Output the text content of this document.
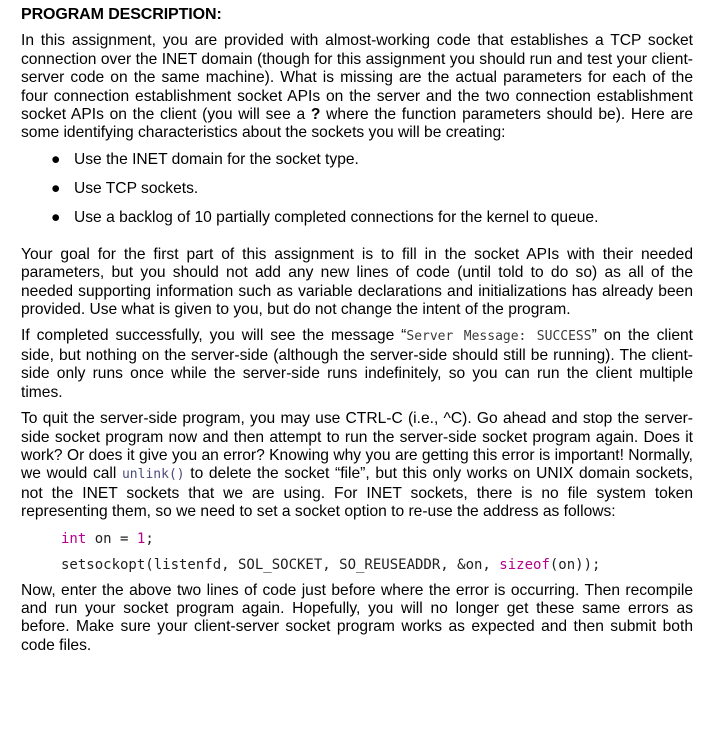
PROGRAM DESCRIPTION:

In this assignment, you are provided with almost-working code that establishes a TCP socket connection over the INET domain (though for this assignment you should run and test your client-server code on the same machine). What is missing are the actual parameters for each of the four connection establishment socket APIs on the server and the two connection establishment socket APIs on the client (you will see a ? where the function parameters should be). Here are some identifying characteristics about the sockets you will be creating:

● Use the INET domain for the socket type.
● Use TCP sockets.
● Use a backlog of 10 partially completed connections for the kernel to queue.

Your goal for the first part of this assignment is to fill in the socket APIs with their needed parameters, but you should not add any new lines of code (until told to do so) as all of the needed supporting information such as variable declarations and initializations has already been provided. Use what is given to you, but do not change the intent of the program.

If completed successfully, you will see the message “Server Message: SUCCESS” on the client side, but nothing on the server-side (although the server-side should still be running). The client-side only runs once while the server-side runs indefinitely, so you can run the client multiple times.

To quit the server-side program, you may use CTRL-C (i.e., ^C). Go ahead and stop the server-side socket program now and then attempt to run the server-side socket program again. Does it work? Or does it give you an error? Knowing why you are getting this error is important! Normally, we would call unlink() to delete the socket “file”, but this only works on UNIX domain sockets, not the INET sockets that we are using. For INET sockets, there is no file system token representing them, so we need to set a socket option to re-use the address as follows:

int on = 1;
setsockopt(listenfd, SOL_SOCKET, SO_REUSEADDR, &on, sizeof(on));

Now, enter the above two lines of code just before where the error is occurring. Then recompile and run your socket program again. Hopefully, you will no longer get these same errors as before. Make sure your client-server socket program works as expected and then submit both code files.
